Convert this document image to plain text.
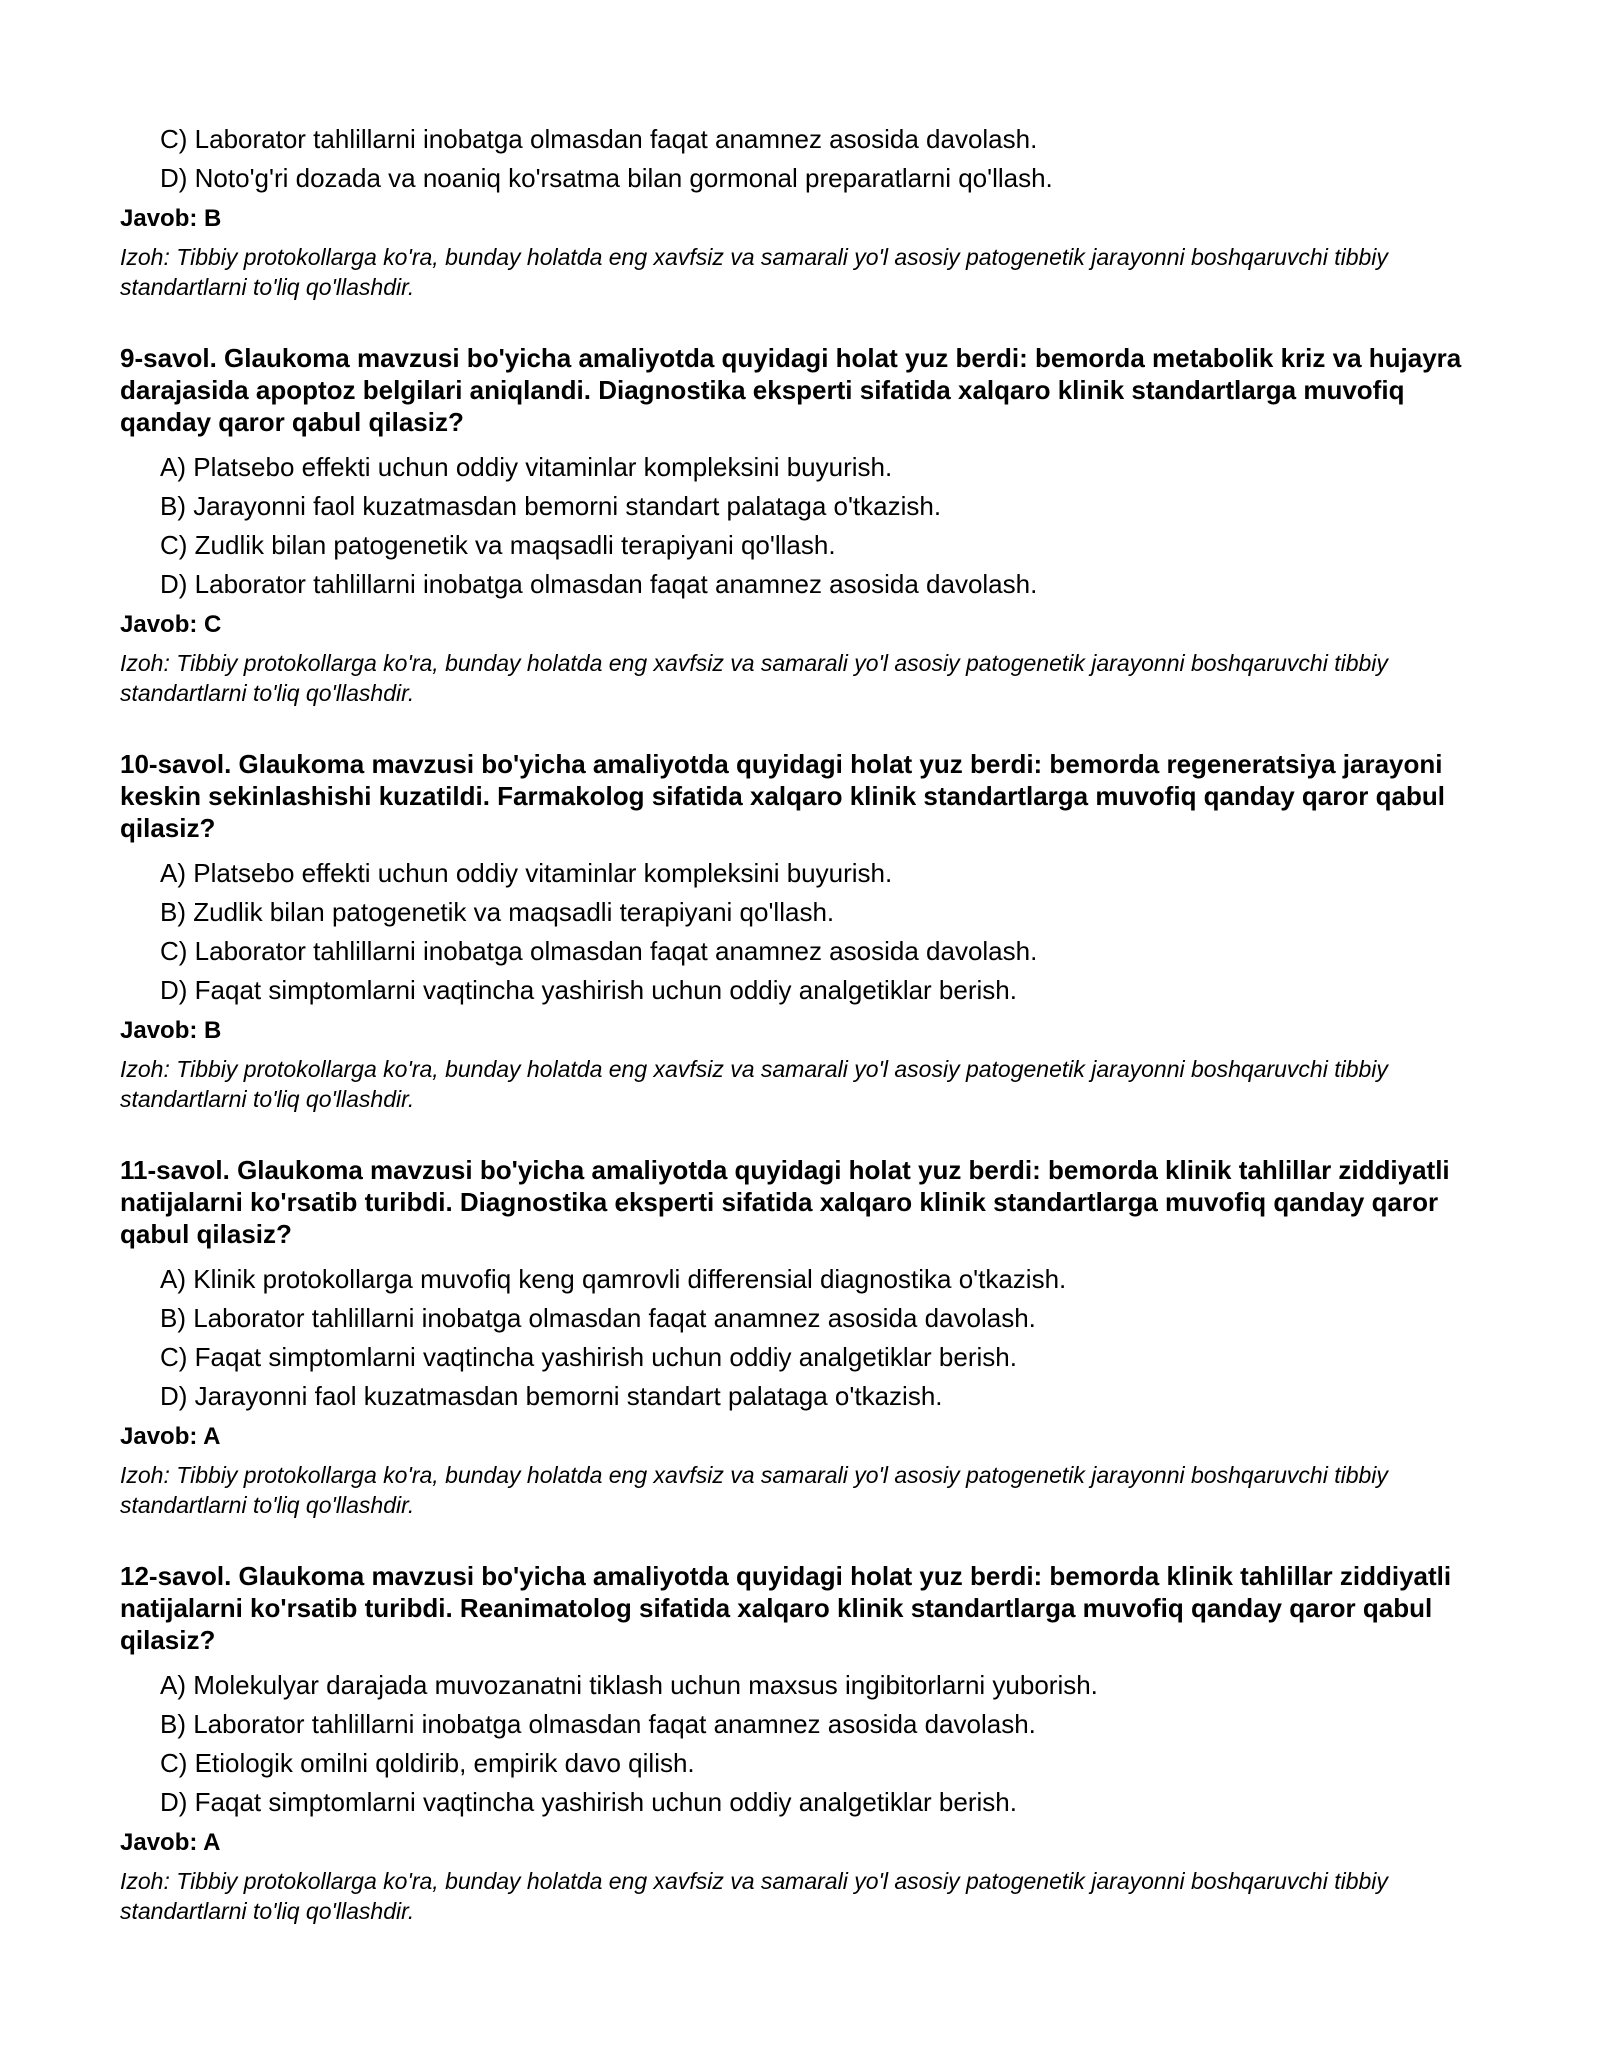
C) Laborator tahlillarni inobatga olmasdan faqat anamnez asosida davolash.
D) Noto'g'ri dozada va noaniq ko'rsatma bilan gormonal preparatlarni qo'llash.
Javob: B
Izoh: Tibbiy protokollarga ko'ra, bunday holatda eng xavfsiz va samarali yo'l asosiy patogenetik jarayonni boshqaruvchi tibbiy standartlarni to'liq qo'llashdir.
9-savol. Glaukoma mavzusi bo'yicha amaliyotda quyidagi holat yuz berdi: bemorda metabolik kriz va hujayra darajasida apoptoz belgilari aniqlandi. Diagnostika eksperti sifatida xalqaro klinik standartlarga muvofiq qanday qaror qabul qilasiz?
A) Platsebo effekti uchun oddiy vitaminlar kompleksini buyurish.
B) Jarayonni faol kuzatmasdan bemorni standart palataga o'tkazish.
C) Zudlik bilan patogenetik va maqsadli terapiyani qo'llash.
D) Laborator tahlillarni inobatga olmasdan faqat anamnez asosida davolash.
Javob: C
Izoh: Tibbiy protokollarga ko'ra, bunday holatda eng xavfsiz va samarali yo'l asosiy patogenetik jarayonni boshqaruvchi tibbiy standartlarni to'liq qo'llashdir.
10-savol. Glaukoma mavzusi bo'yicha amaliyotda quyidagi holat yuz berdi: bemorda regeneratsiya jarayoni keskin sekinlashishi kuzatildi. Farmakolog sifatida xalqaro klinik standartlarga muvofiq qanday qaror qabul qilasiz?
A) Platsebo effekti uchun oddiy vitaminlar kompleksini buyurish.
B) Zudlik bilan patogenetik va maqsadli terapiyani qo'llash.
C) Laborator tahlillarni inobatga olmasdan faqat anamnez asosida davolash.
D) Faqat simptomlarni vaqtincha yashirish uchun oddiy analgetiklar berish.
Javob: B
Izoh: Tibbiy protokollarga ko'ra, bunday holatda eng xavfsiz va samarali yo'l asosiy patogenetik jarayonni boshqaruvchi tibbiy standartlarni to'liq qo'llashdir.
11-savol. Glaukoma mavzusi bo'yicha amaliyotda quyidagi holat yuz berdi: bemorda klinik tahlillar ziddiyatli natijalarni ko'rsatib turibdi. Diagnostika eksperti sifatida xalqaro klinik standartlarga muvofiq qanday qaror qabul qilasiz?
A) Klinik protokollarga muvofiq keng qamrovli differensial diagnostika o'tkazish.
B) Laborator tahlillarni inobatga olmasdan faqat anamnez asosida davolash.
C) Faqat simptomlarni vaqtincha yashirish uchun oddiy analgetiklar berish.
D) Jarayonni faol kuzatmasdan bemorni standart palataga o'tkazish.
Javob: A
Izoh: Tibbiy protokollarga ko'ra, bunday holatda eng xavfsiz va samarali yo'l asosiy patogenetik jarayonni boshqaruvchi tibbiy standartlarni to'liq qo'llashdir.
12-savol. Glaukoma mavzusi bo'yicha amaliyotda quyidagi holat yuz berdi: bemorda klinik tahlillar ziddiyatli natijalarni ko'rsatib turibdi. Reanimatolog sifatida xalqaro klinik standartlarga muvofiq qanday qaror qabul qilasiz?
A) Molekulyar darajada muvozanatni tiklash uchun maxsus ingibitorlarni yuborish.
B) Laborator tahlillarni inobatga olmasdan faqat anamnez asosida davolash.
C) Etiologik omilni qoldirib, empirik davo qilish.
D) Faqat simptomlarni vaqtincha yashirish uchun oddiy analgetiklar berish.
Javob: A
Izoh: Tibbiy protokollarga ko'ra, bunday holatda eng xavfsiz va samarali yo'l asosiy patogenetik jarayonni boshqaruvchi tibbiy standartlarni to'liq qo'llashdir.
